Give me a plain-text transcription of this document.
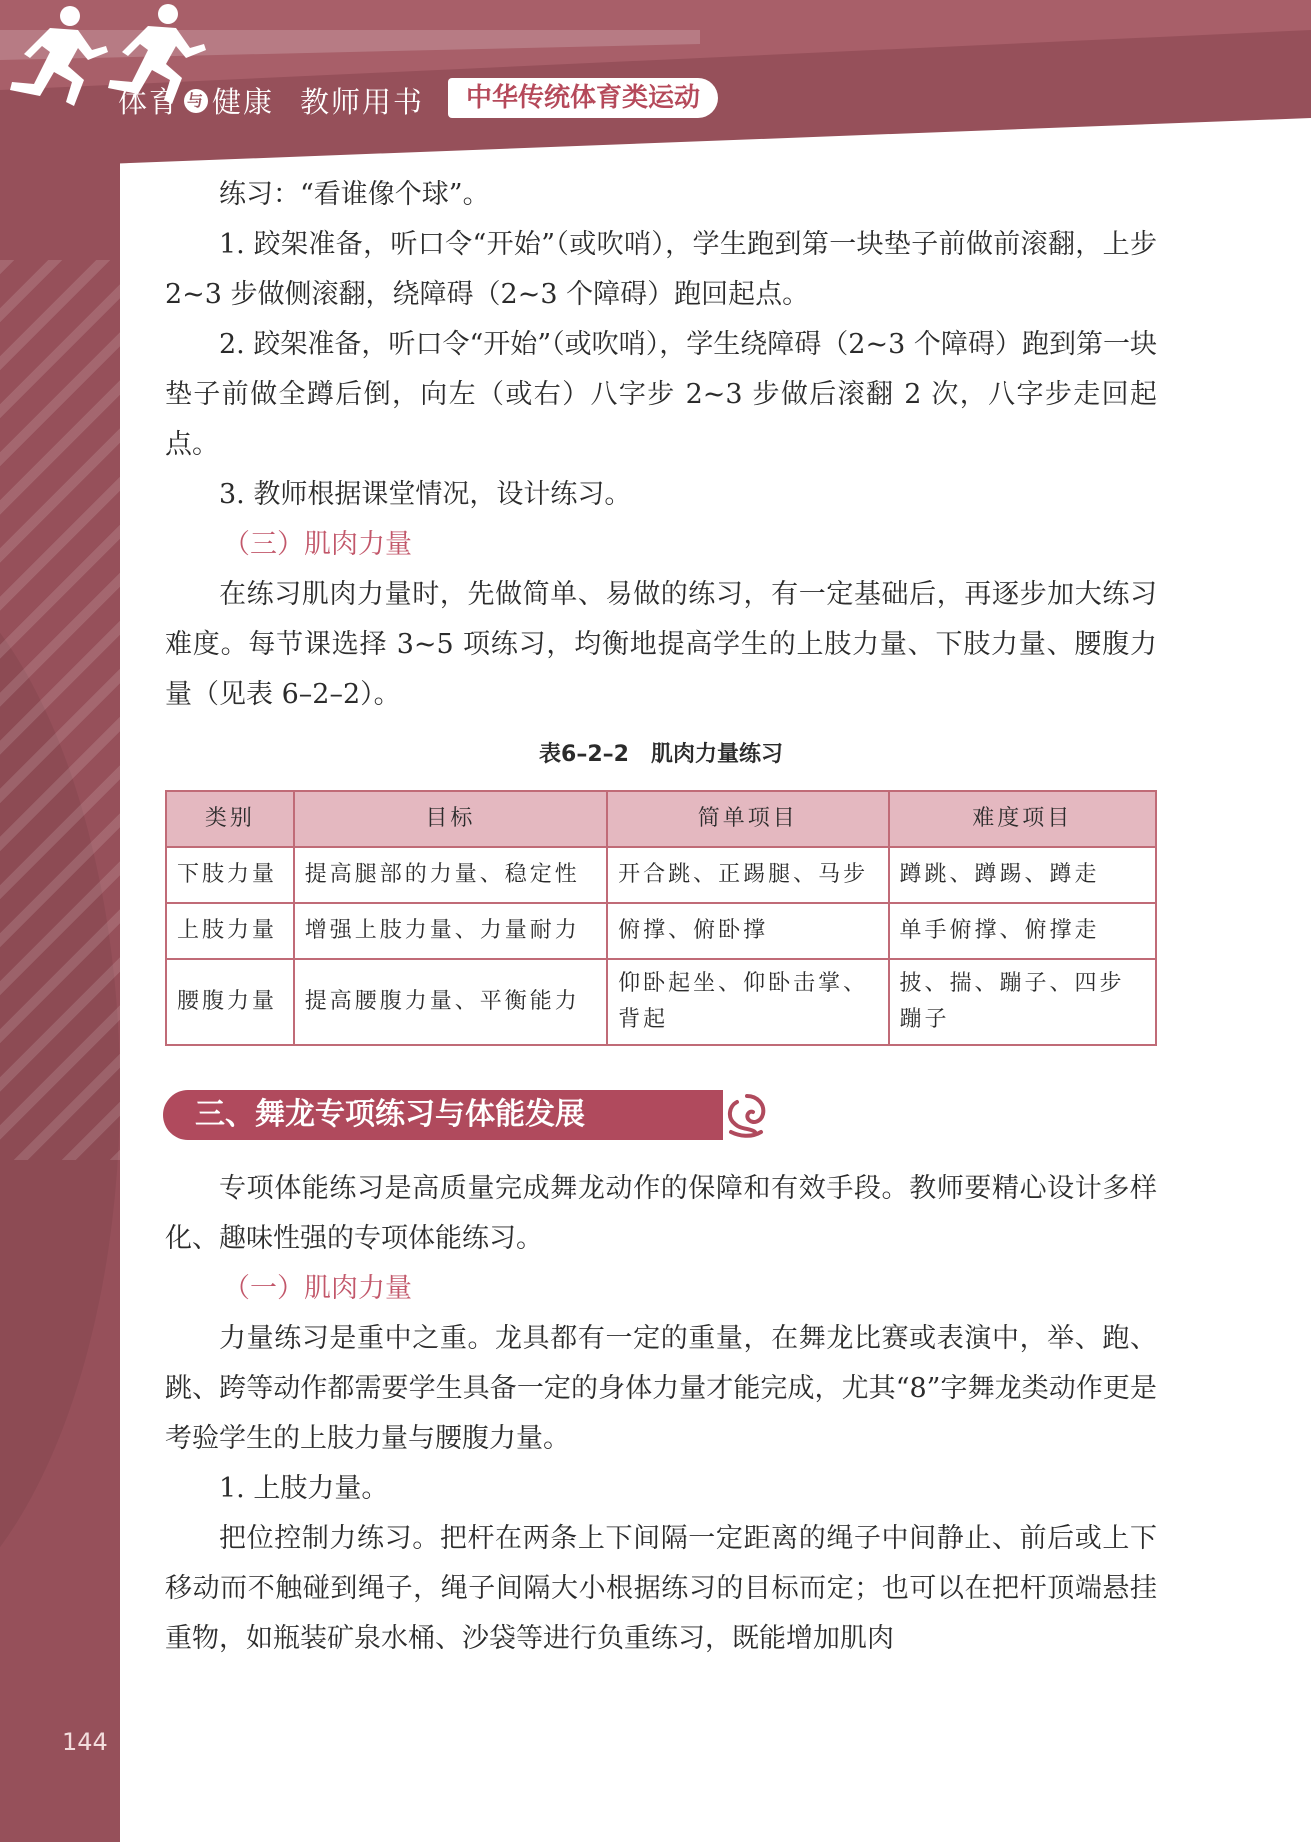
体育 与 健康 教师用书	中华传统体育类运动

练习：“看谁像个球”。

1. 跤架准备，听口令“开始”（或吹哨），学生跑到第一块垫子前做前滚翻，上步 2~3 步做侧滚翻，绕障碍（2~3 个障碍）跑回起点。

2. 跤架准备，听口令“开始”（或吹哨），学生绕障碍（2~3 个障碍）跑到第一块垫子前做全蹲后倒，向左（或右）八字步 2~3 步做后滚翻 2 次，八字步走回起点。

3. 教师根据课堂情况，设计练习。

（三）肌肉力量

在练习肌肉力量时，先做简单、易做的练习，有一定基础后，再逐步加大练习难度。每节课选择 3~5 项练习，均衡地提高学生的上肢力量、下肢力量、腰腹力量（见表 6–2–2）。

表6–2–2　肌肉力量练习
类别	目标	简单项目	难度项目
下肢力量	提高腿部的力量、稳定性	开合跳、正踢腿、马步	蹲跳、蹲踢、蹲走
上肢力量	增强上肢力量、力量耐力	俯撑、俯卧撑	单手俯撑、俯撑走
腰腹力量	提高腰腹力量、平衡能力	仰卧起坐、仰卧击掌、背起	披、揣、蹦子、四步蹦子
三、舞龙专项练习与体能发展

专项体能练习是高质量完成舞龙动作的保障和有效手段。教师要精心设计多样化、趣味性强的专项体能练习。

（一）肌肉力量

力量练习是重中之重。龙具都有一定的重量，在舞龙比赛或表演中，举、跑、跳、跨等动作都需要学生具备一定的身体力量才能完成，尤其“8”字舞龙类动作更是考验学生的上肢力量与腰腹力量。

1. 上肢力量。

把位控制力练习。把杆在两条上下间隔一定距离的绳子中间静止、前后或上下移动而不触碰到绳子，绳子间隔大小根据练习的目标而定；也可以在把杆顶端悬挂重物，如瓶装矿泉水桶、沙袋等进行负重练习，既能增加肌肉

144
